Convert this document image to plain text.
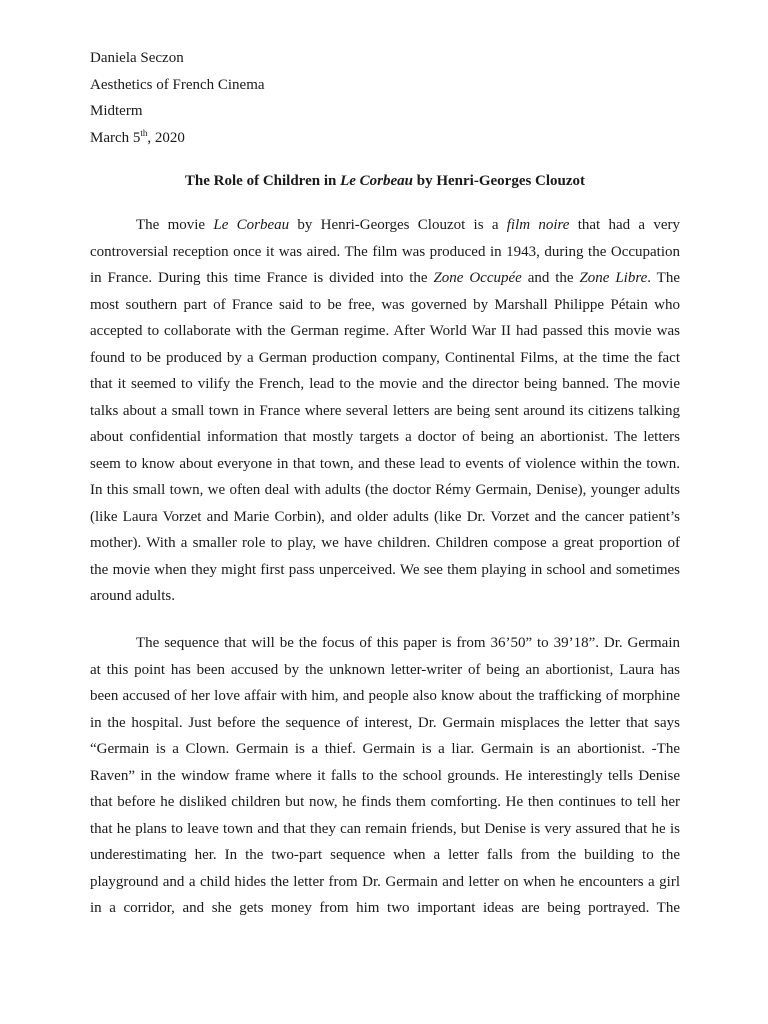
Daniela Seczon
Aesthetics of French Cinema
Midterm
March 5th, 2020
The Role of Children in Le Corbeau by Henri-Georges Clouzot
The movie Le Corbeau by Henri-Georges Clouzot is a film noire that had a very
controversial reception once it was aired. The film was produced in 1943, during the Occupation
in France. During this time France is divided into the Zone Occupée and the Zone Libre. The
most southern part of France said to be free, was governed by Marshall Philippe Pétain who
accepted to collaborate with the German regime. After World War II had passed this movie was
found to be produced by a German production company, Continental Films, at the time the fact
that it seemed to vilify the French, lead to the movie and the director being banned. The movie
talks about a small town in France where several letters are being sent around its citizens talking
about confidential information that mostly targets a doctor of being an abortionist. The letters
seem to know about everyone in that town, and these lead to events of violence within the town.
In this small town, we often deal with adults (the doctor Rémy Germain, Denise), younger adults
(like Laura Vorzet and Marie Corbin), and older adults (like Dr. Vorzet and the cancer patient’s
mother). With a smaller role to play, we have children. Children compose a great proportion of
the movie when they might first pass unperceived. We see them playing in school and sometimes
around adults.
The sequence that will be the focus of this paper is from 36’50” to 39’18”. Dr. Germain
at this point has been accused by the unknown letter-writer of being an abortionist, Laura has
been accused of her love affair with him, and people also know about the trafficking of morphine
in the hospital. Just before the sequence of interest, Dr. Germain misplaces the letter that says
“Germain is a Clown. Germain is a thief. Germain is a liar. Germain is an abortionist. -The
Raven” in the window frame where it falls to the school grounds. He interestingly tells Denise
that before he disliked children but now, he finds them comforting. He then continues to tell her
that he plans to leave town and that they can remain friends, but Denise is very assured that he is
underestimating her. In the two-part sequence when a letter falls from the building to the
playground and a child hides the letter from Dr. Germain and letter on when he encounters a girl
in a corridor, and she gets money from him two important ideas are being portrayed. The
